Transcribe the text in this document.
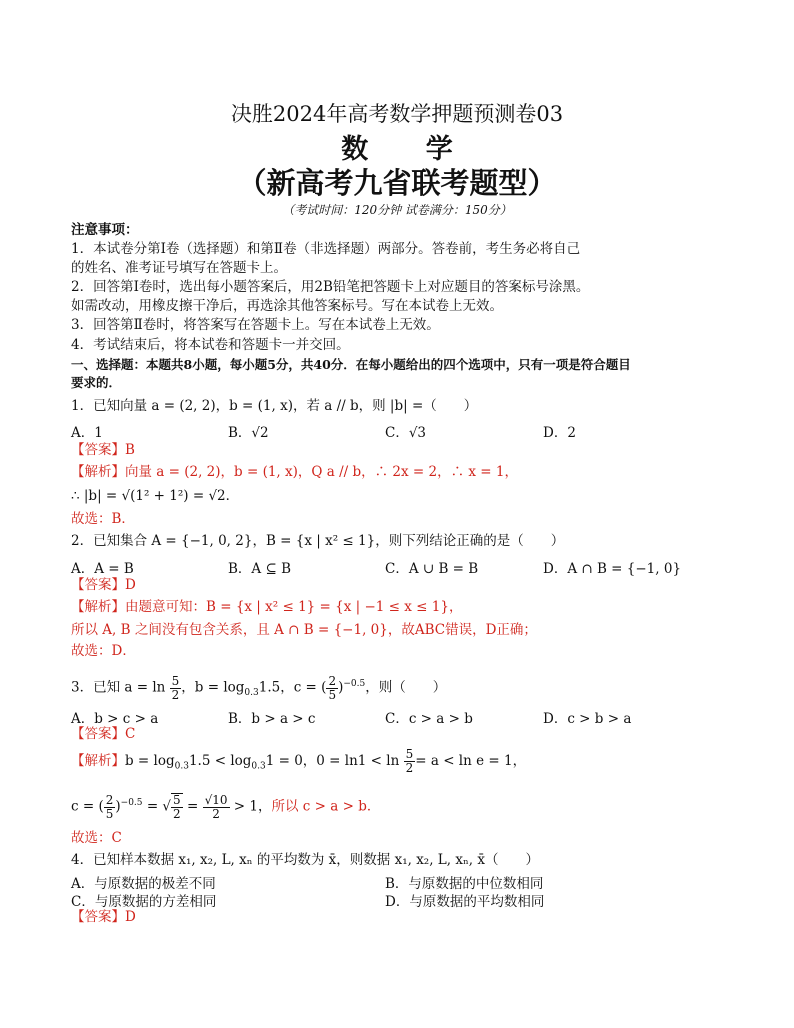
决胜2024年高考数学押题预测卷03
数 学
（新高考九省联考题型）
（考试时间：120分钟 试卷满分：150分）
注意事项：
1．本试卷分第Ⅰ卷（选择题）和第Ⅱ卷（非选择题）两部分。答卷前，考生务必将自己
的姓名、准考证号填写在答题卡上。
2．回答第Ⅰ卷时，选出每小题答案后，用2B铅笔把答题卡上对应题目的答案标号涂黑。
如需改动，用橡皮擦干净后，再选涂其他答案标号。写在本试卷上无效。
3．回答第Ⅱ卷时，将答案写在答题卡上。写在本试卷上无效。
4．考试结束后，将本试卷和答题卡一并交回。
一、选择题：本题共8小题，每小题5分，共40分．在每小题给出的四个选项中，只有一项是符合题目
要求的．
1．已知向量 a = (2, 2)，b = (1, x)，若 a // b，则 |b| =（　　）
A．1	B．√2	C．√3	D．2
【答案】B
【解析】向量 a = (2, 2)，b = (1, x)，Q a // b，∴ 2x = 2，∴ x = 1，
∴ |b| = √(1² + 1²) = √2．
故选：B．
2．已知集合 A = {−1, 0, 2}，B = {x | x² ≤ 1}，则下列结论正确的是（　　）
A．A = B	B．A ⊆ B	C．A ∪ B = B	D．A ∩ B = {−1, 0}
【答案】D
【解析】由题意可知：B = {x | x² ≤ 1} = {x | −1 ≤ x ≤ 1}，
所以 A, B 之间没有包含关系，且 A ∩ B = {−1, 0}，故ABC错误，D正确；
故选：D．
3．已知 $a = \ln \frac{5}{2}$ ，$b = \log_{0.3}1.5$，c = ( $\frac{2}{5} )^{-0.5}$，则（　　）
A．b > c > a	B．b > a > c	C．c > a > b	D．c > b > a
【答案】C
【解析】$b = \log_{0.3}1.5 < \log_{0.3}1 = 0$，$0 = \ln 1 < \ln \frac{5}{2} = a < \ln e = 1$，
c = ( $\frac{2}{5} )^{-0.5}$ = √ $\frac{5}{2} = \frac{√10}{2} > 1$，所以 c > a > b．
故选：C
4．已知样本数据 x₁, x₂, L, xₙ 的平均数为 x̄，则数据 x₁, x₂, L, xₙ, x̄（　　）
A．与原数据的极差不同	B．与原数据的中位数相同
C．与原数据的方差相同	D．与原数据的平均数相同
【答案】D
